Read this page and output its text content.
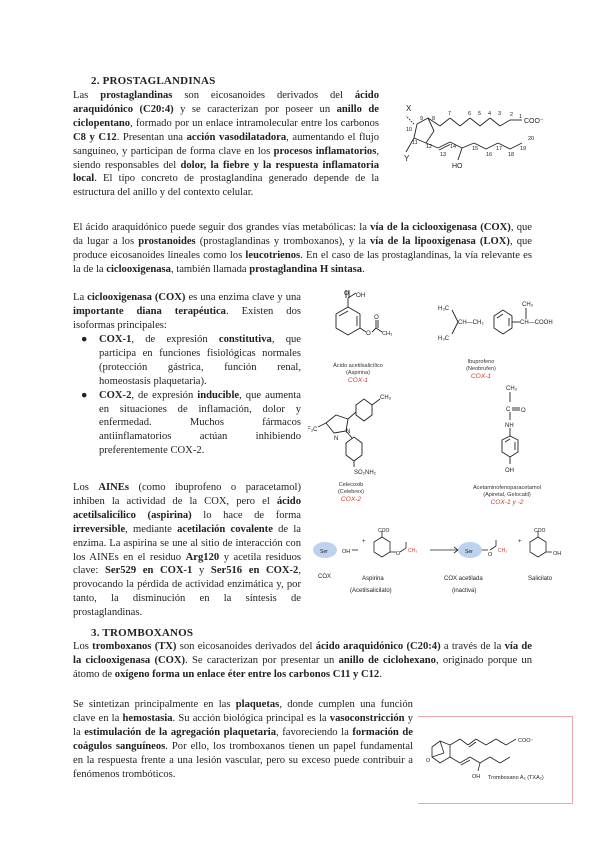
2. PROSTAGLANDINAS

Las prostaglandinas son eicosanoides derivados del ácido araquidónico (C20:4) y se caracterizan por poseer un anillo de ciclopentano, formado por un enlace intramolecular entre los carbonos C8 y C12. Presentan una acción vasodilatadora, aumentando el flujo sanguíneo, y participan de forma clave en los procesos inflamatorios, siendo responsables del dolor, la fiebre y la respuesta inflamatoria local. El tipo concreto de prostaglandina generado depende de la estructura del anillo y del contexto celular.

X
Y
HO
COO⁻
1
2
3
4
5
6
7
8
9
10
11
12
13
14	15
16
17
18
19
20

El ácido araquidónico puede seguir dos grandes vías metabólicas: la vía de la ciclooxigenasa (COX), que da lugar a los prostanoides (prostaglandinas y tromboxanos), y la vía de la lipooxigenasa (LOX), que produce eicosanoides lineales como los leucotrienos. En el caso de las prostaglandinas, la vía relevante es la de la ciclooxigenasa, también llamada prostaglandina H sintasa.

La ciclooxigenasa (COX) es una enzima clave y una importante diana terapéutica. Existen dos isoformas principales:

● COX-1, de expresión constitutiva, que participa en funciones fisiológicas normales (protección gástrica, función renal, homeostasis plaquetaria).
● COX-2, de expresión inducible, que aumenta en situaciones de inflamación, dolor y enfermedad. Muchos fármacos antiinflamatorios actúan inhibiendo preferentemente COX-2.

Los AINEs (como ibuprofeno o paracetamol) inhiben la actividad de la COX, pero el ácido acetilsalicílico (aspirina) lo hace de forma irreversible, mediante acetilación covalente de la enzima. La aspirina se une al sitio de interacción con los AINEs en el residuo Arg120 y acetila residuos clave: Ser529 en COX-1 y Ser516 en COX-2, provocando la pérdida de actividad enzimática y, por tanto, la disminución en la síntesis de prostaglandinas.

OH
O
O
O
CH₃
Ácido acetilsalicílico
(Aspirina)
COX-1
H₃C
H₃C
CH—CH₂
CH₃
CH—COOH
Ibuprofeno
(Neobrufen)
COX-1
F₃C
N
N
CH₃
SO₂NH₂
Celecoxib
(Celebrex)
COX-2
CH₃
C O
NH
OH
Acetaminofenoparacetamol
(Apiretal, Gelocatil)
COX-1 y -2
Ser	OH
COX
+
COO
O CH₃
Aspirina
(Acetilsalicilato)
Ser	O
CH₃
COX acetilada
(inactiva)
+
COO
OH
Salicilato
3. TROMBOXANOS

Los tromboxanos (TX) son eicosanoides derivados del ácido araquidónico (C20:4) a través de la vía de la ciclooxigenasa (COX). Se caracterizan por presentar un anillo de ciclohexano, originado porque un átomo de oxígeno forma un enlace éter entre los carbonos C11 y C12.

Se sintetizan principalmente en las plaquetas, donde cumplen una función clave en la hemostasia. Su acción biológica principal es la vasoconstricción y la estimulación de la agregación plaquetaria, favoreciendo la formación de coágulos sanguíneos. Por ello, los tromboxanos tienen un papel fundamental en la respuesta frente a una lesión vascular, pero su exceso puede contribuir a fenómenos trombóticos.

O
COO⁻
OH Tromboxano A₂ (TXA₂)
